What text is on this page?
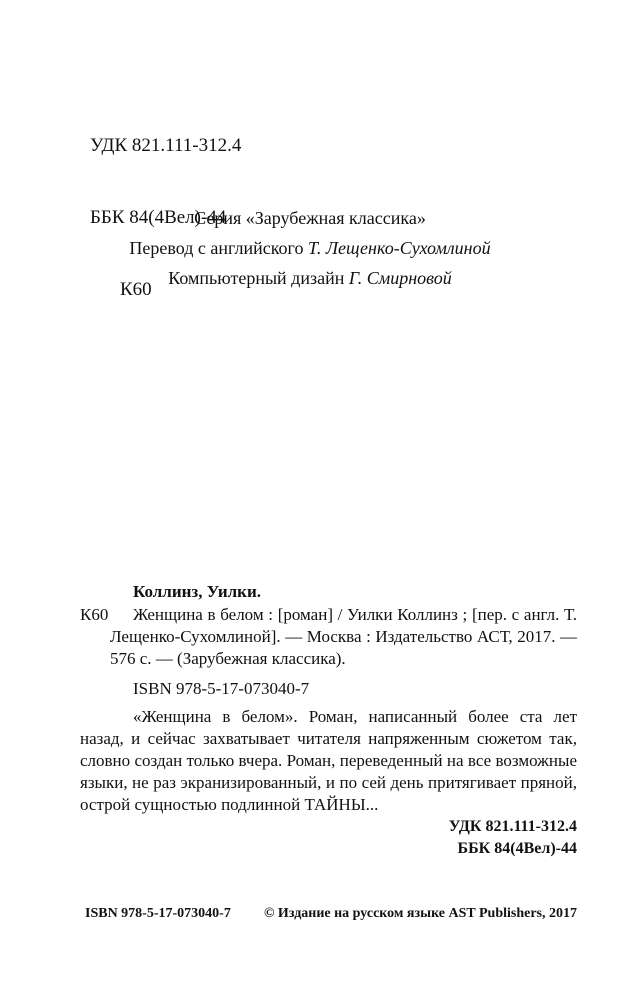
УДК 821.111-312.4

ББК 84(4Вел)-44

К60

Серия «Зарубежная классика»

Перевод с английского Т. Лещенко-Сухомлиной

Компьютерный дизайн Г. Смирновой

Коллинз, Уилки.

К60	Женщина в белом : [роман] / Уилки Коллинз ; [пер. с англ. Т. Лещенко-Сухомлиной]. — Москва : Издательство АСТ, 2017. — 576 с. — (Зарубежная классика).

ISBN 978-5-17-073040-7

«Женщина в белом». Роман, написанный более ста лет назад, и сейчас захватывает читателя напряженным сюжетом так, словно создан только вчера. Роман, переведенный на все возможные языки, не раз экранизированный, и по сей день притягивает пряной, острой сущностью подлинной ТАЙНЫ...

УДК 821.111-312.4
ББК 84(4Вел)-44
ISBN 978-5-17-073040-7 © Издание на русском языке AST Publishers, 2017
